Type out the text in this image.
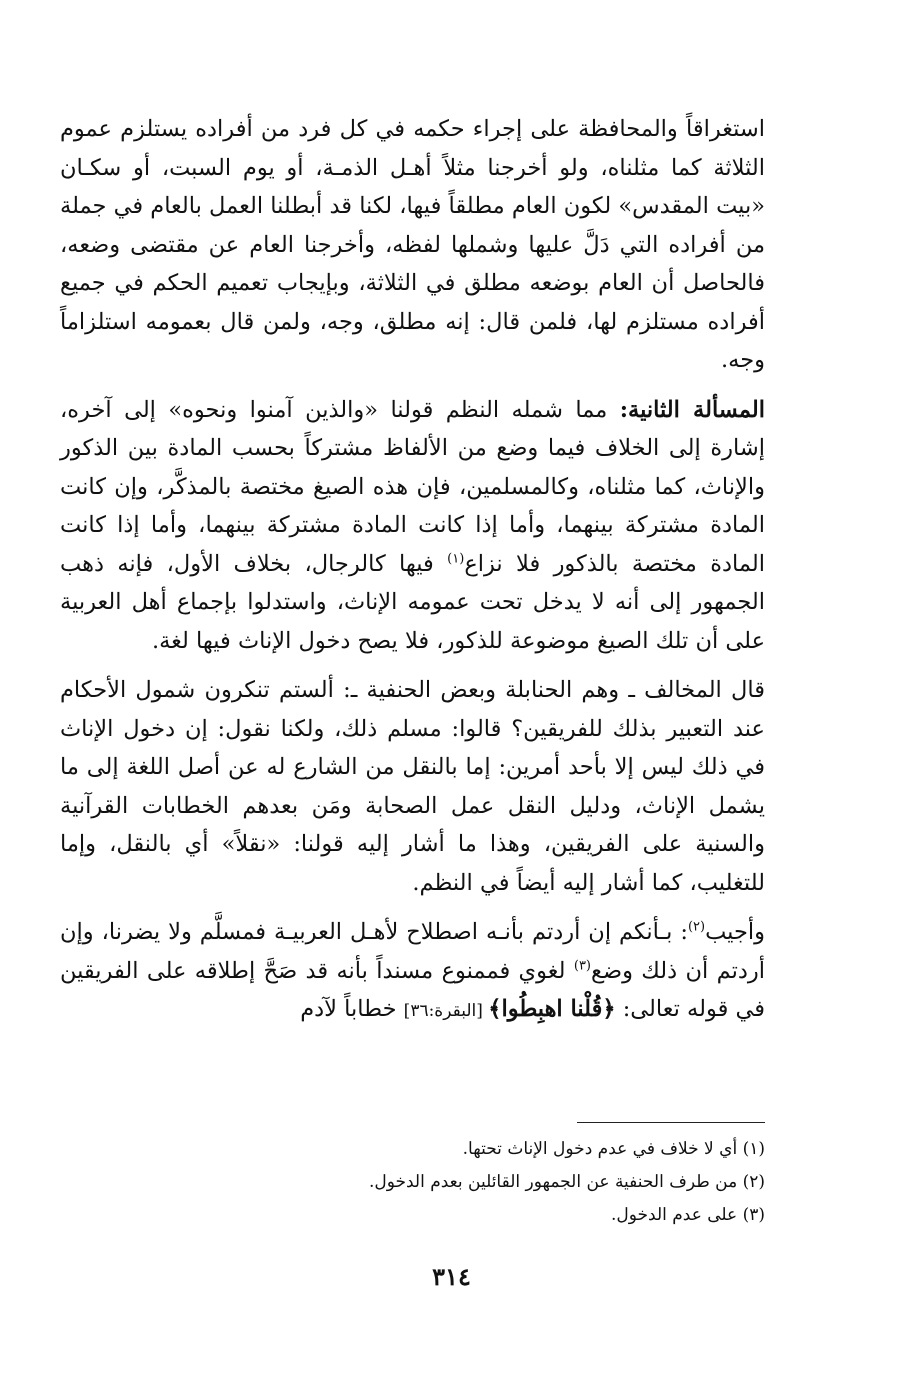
استغراقاً والمحافظة على إجراء حكمه في كل فرد من أفراده يستلزم عموم الثلاثة كما مثلناه، ولو أخرجنا مثلاً أهـل الذمـة، أو يوم السبت، أو سكـان «بيت المقدس» لكون العام مطلقاً فيها، لكنا قد أبطلنا العمل بالعام في جملة من أفراده التي دَلَّ عليها وشملها لفظه، وأخرجنا العام عن مقتضى وضعه، فالحاصل أن العام بوضعه مطلق في الثلاثة، وبإيجاب تعميم الحكم في جميع أفراده مستلزم لها، فلمن قال: إنه مطلق، وجه، ولمن قال بعمومه استلزاماً وجه.

المسألة الثانية: مما شمله النظم قولنا «والذين آمنوا ونحوه» إلى آخره، إشارة إلى الخلاف فيما وضع من الألفاظ مشتركاً بحسب المادة بين الذكور والإناث، كما مثلناه، وكالمسلمين، فإن هذه الصيغ مختصة بالمذكَّر، وإن كانت المادة مشتركة بينهما، وأما إذا كانت المادة مشتركة بينهما، وأما إذا كانت المادة مختصة بالذكور فلا نزاع$^{(١)}$ فيها كالرجال، بخلاف الأول، فإنه ذهب الجمهور إلى أنه لا يدخل تحت عمومه الإناث، واستدلوا بإجماع أهل العربية على أن تلك الصيغ موضوعة للذكور، فلا يصح دخول الإناث فيها لغة.

قال المخالف ـ وهم الحنابلة وبعض الحنفية ـ: ألستم تنكرون شمول الأحكام عند التعبير بذلك للفريقين؟ قالوا: مسلم ذلك، ولكنا نقول: إن دخول الإناث في ذلك ليس إلا بأحد أمرين: إما بالنقل من الشارع له عن أصل اللغة إلى ما يشمل الإناث، ودليل النقل عمل الصحابة ومَن بعدهم الخطابات القرآنية والسنية على الفريقين، وهذا ما أشار إليه قولنا: «نقلاً» أي بالنقل، وإما للتغليب، كما أشار إليه أيضاً في النظم.

وأجيب$^{(٢)}$: بـأنكم إن أردتم بأنـه اصطلاح لأهـل العربيـة فمسلَّم ولا يضرنا، وإن أردتم أن ذلك وضع$^{(٣)}$ لغوي فممنوع مسنداً بأنه قد صَحَّ إطلاقه على الفريقين في قوله تعالى: ﴿قُلْنا اهبِطُوا﴾ [البقرة:٣٦] خطاباً لآدم

(١) أي لا خلاف في عدم دخول الإناث تحتها.
(٢) من طرف الحنفية عن الجمهور القائلين بعدم الدخول.
(٣) على عدم الدخول.
٣١٤
